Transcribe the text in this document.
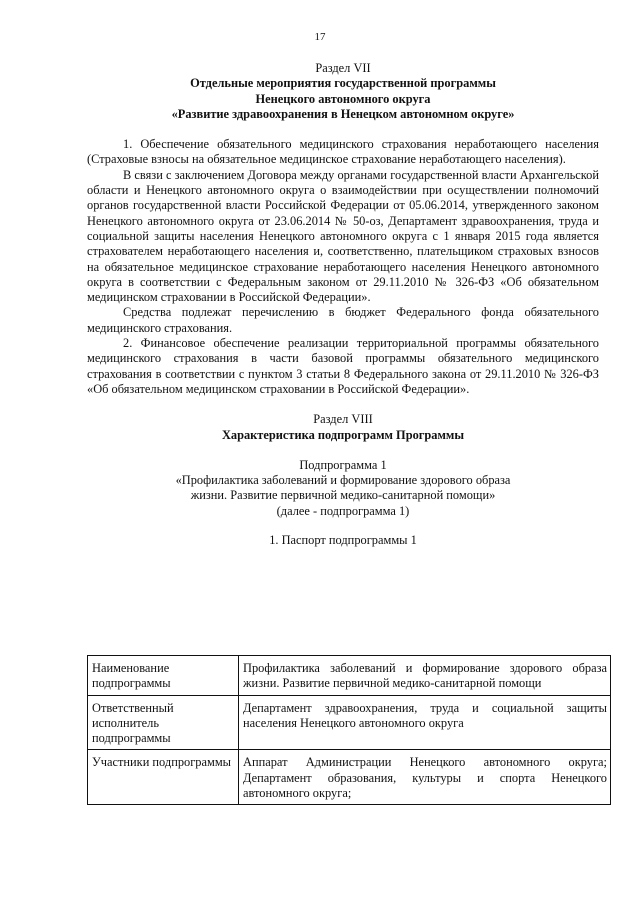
17
Раздел VII
Отдельные мероприятия государственной программы
Ненецкого автономного округа
«Развитие здравоохранения в Ненецком автономном округе»

1. Обеспечение обязательного медицинского страхования неработающего населения (Страховые взносы на обязательное медицинское страхование неработающего населения).

В связи с заключением Договора между органами государственной власти Архангельской области и Ненецкого автономного округа о взаимодействии при осуществлении полномочий органов государственной власти Российской Федерации от 05.06.2014, утвержденного законом Ненецкого автономного округа от 23.06.2014 № 50-оз, Департамент здравоохранения, труда и социальной защиты населения Ненецкого автономного округа с 1 января 2015 года является страхователем неработающего населения и, соответственно, плательщиком страховых взносов на обязательное медицинское страхование неработающего населения Ненецкого автономного округа в соответствии с Федеральным законом от 29.11.2010 № 326-ФЗ «Об обязательном медицинском страховании в Российской Федерации».

Средства подлежат перечислению в бюджет Федерального фонда обязательного медицинского страхования.

2. Финансовое обеспечение реализации территориальной программы обязательного медицинского страхования в части базовой программы обязательного медицинского страхования в соответствии с пунктом 3 статьи 8 Федерального закона от 29.11.2010 № 326-ФЗ «Об обязательном медицинском страховании в Российской Федерации».

Раздел VIII
Характеристика подпрограмм Программы
Подпрограмма 1
«Профилактика заболеваний и формирование здорового образа
жизни. Развитие первичной медико-санитарной помощи»
(далее - подпрограмма 1)
1. Паспорт подпрограммы 1
Наименование подпрограммы	Профилактика заболеваний и формирование здорового образа жизни. Развитие первичной медико-санитарной помощи
Ответственный исполнитель подпрограммы	Департамент здравоохранения, труда и социальной защиты населения Ненецкого автономного округа
Участники подпрограммы	Аппарат Администрации Ненецкого автономного округа; Департамент образования, культуры и спорта Ненецкого автономного округа;
